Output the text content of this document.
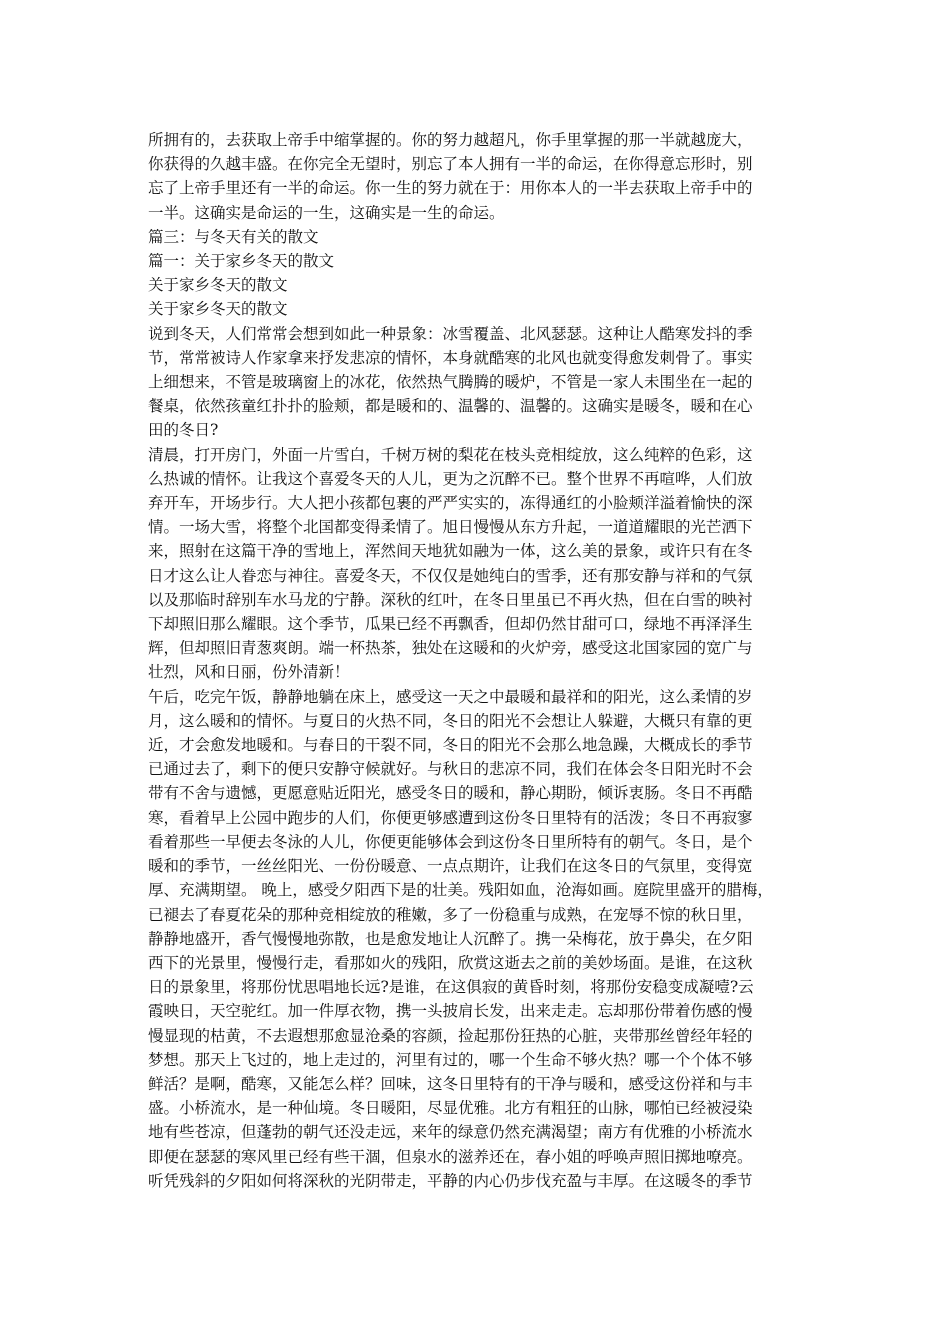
所拥有的，去获取上帝手中缩掌握的。你的努力越超凡，你手里掌握的那一半就越庞大，
你获得的久越丰盛。在你完全无望时，别忘了本人拥有一半的命运，在你得意忘形时，别
忘了上帝手里还有一半的命运。你一生的努力就在于：用你本人的一半去获取上帝手中的
一半。这确实是命运的一生，这确实是一生的命运。
篇三：与冬天有关的散文
篇一：关于家乡冬天的散文
关于家乡冬天的散文
关于家乡冬天的散文
说到冬天，人们常常会想到如此一种景象：冰雪覆盖、北风瑟瑟。这种让人酷寒发抖的季
节，常常被诗人作家拿来抒发悲凉的情怀，本身就酷寒的北风也就变得愈发刺骨了。事实
上细想来，不管是玻璃窗上的冰花，依然热气腾腾的暖炉，不管是一家人未围坐在一起的
餐桌，依然孩童红扑扑的脸颊，都是暖和的、温馨的、温馨的。这确实是暖冬，暖和在心
田的冬日?
清晨，打开房门，外面一片雪白，千树万树的梨花在枝头竞相绽放，这么纯粹的色彩，这
么热诚的情怀。让我这个喜爱冬天的人儿，更为之沉醉不已。整个世界不再喧哗，人们放
弃开车，开场步行。大人把小孩都包裹的严严实实的，冻得通红的小脸颊洋溢着愉快的深
情。一场大雪，将整个北国都变得柔情了。旭日慢慢从东方升起，一道道耀眼的光芒洒下
来，照射在这篇干净的雪地上，浑然间天地犹如融为一体，这么美的景象，或许只有在冬
日才这么让人眷恋与神往。喜爱冬天，不仅仅是她纯白的雪季，还有那安静与祥和的气氛
以及那临时辞别车水马龙的宁静。深秋的红叶，在冬日里虽已不再火热，但在白雪的映衬
下却照旧那么耀眼。这个季节，瓜果已经不再飘香，但却仍然甘甜可口，绿地不再泽泽生
辉，但却照旧青葱爽朗。端一杯热茶，独处在这暖和的火炉旁，感受这北国家园的宽广与
壮烈，风和日丽，份外清新！
午后，吃完午饭，静静地躺在床上，感受这一天之中最暖和最祥和的阳光，这么柔情的岁
月，这么暖和的情怀。与夏日的火热不同，冬日的阳光不会想让人躲避，大概只有靠的更
近，才会愈发地暖和。与春日的干裂不同，冬日的阳光不会那么地急躁，大概成长的季节
已通过去了，剩下的便只安静守候就好。与秋日的悲凉不同，我们在体会冬日阳光时不会
带有不舍与遗憾，更愿意贴近阳光，感受冬日的暖和，静心期盼，倾诉衷肠。冬日不再酷
寒，看着早上公园中跑步的人们，你便更够感遭到这份冬日里特有的活泼；冬日不再寂寥
看着那些一早便去冬泳的人儿，你便更能够体会到这份冬日里所特有的朝气。冬日，是个
暖和的季节，一丝丝阳光、一份份暖意、一点点期许，让我们在这冬日的气氛里，变得宽
厚、充满期望。 晚上，感受夕阳西下是的壮美。残阳如血，沧海如画。庭院里盛开的腊梅，
已褪去了春夏花朵的那种竞相绽放的稚嫩，多了一份稳重与成熟，在宠辱不惊的秋日里，
静静地盛开，香气慢慢地弥散，也是愈发地让人沉醉了。携一朵梅花，放于鼻尖，在夕阳
西下的光景里，慢慢行走，看那如火的残阳，欣赏这逝去之前的美妙场面。是谁，在这秋
日的景象里，将那份忧思唱地长远?是谁，在这俱寂的黄昏时刻，将那份安稳变成凝噎?云
霞映日，天空驼红。加一件厚衣物，携一头披肩长发，出来走走。忘却那份带着伤感的慢
慢显现的枯黄，不去遐想那愈显沧桑的容颜，捡起那份狂热的心脏，夹带那丝曾经年轻的
梦想。那天上飞过的，地上走过的，河里有过的，哪一个生命不够火热？哪一个个体不够
鲜活？是啊，酷寒，又能怎么样？回味，这冬日里特有的干净与暖和，感受这份祥和与丰
盛。小桥流水，是一种仙境。冬日暖阳，尽显优雅。北方有粗狂的山脉，哪怕已经被浸染
地有些苍凉，但蓬勃的朝气还没走远，来年的绿意仍然充满渴望；南方有优雅的小桥流水
即便在瑟瑟的寒风里已经有些干涸，但泉水的滋养还在，春小姐的呼唤声照旧掷地嘹亮。
听凭残斜的夕阳如何将深秋的光阴带走，平静的内心仍步伐充盈与丰厚。在这暖冬的季节
